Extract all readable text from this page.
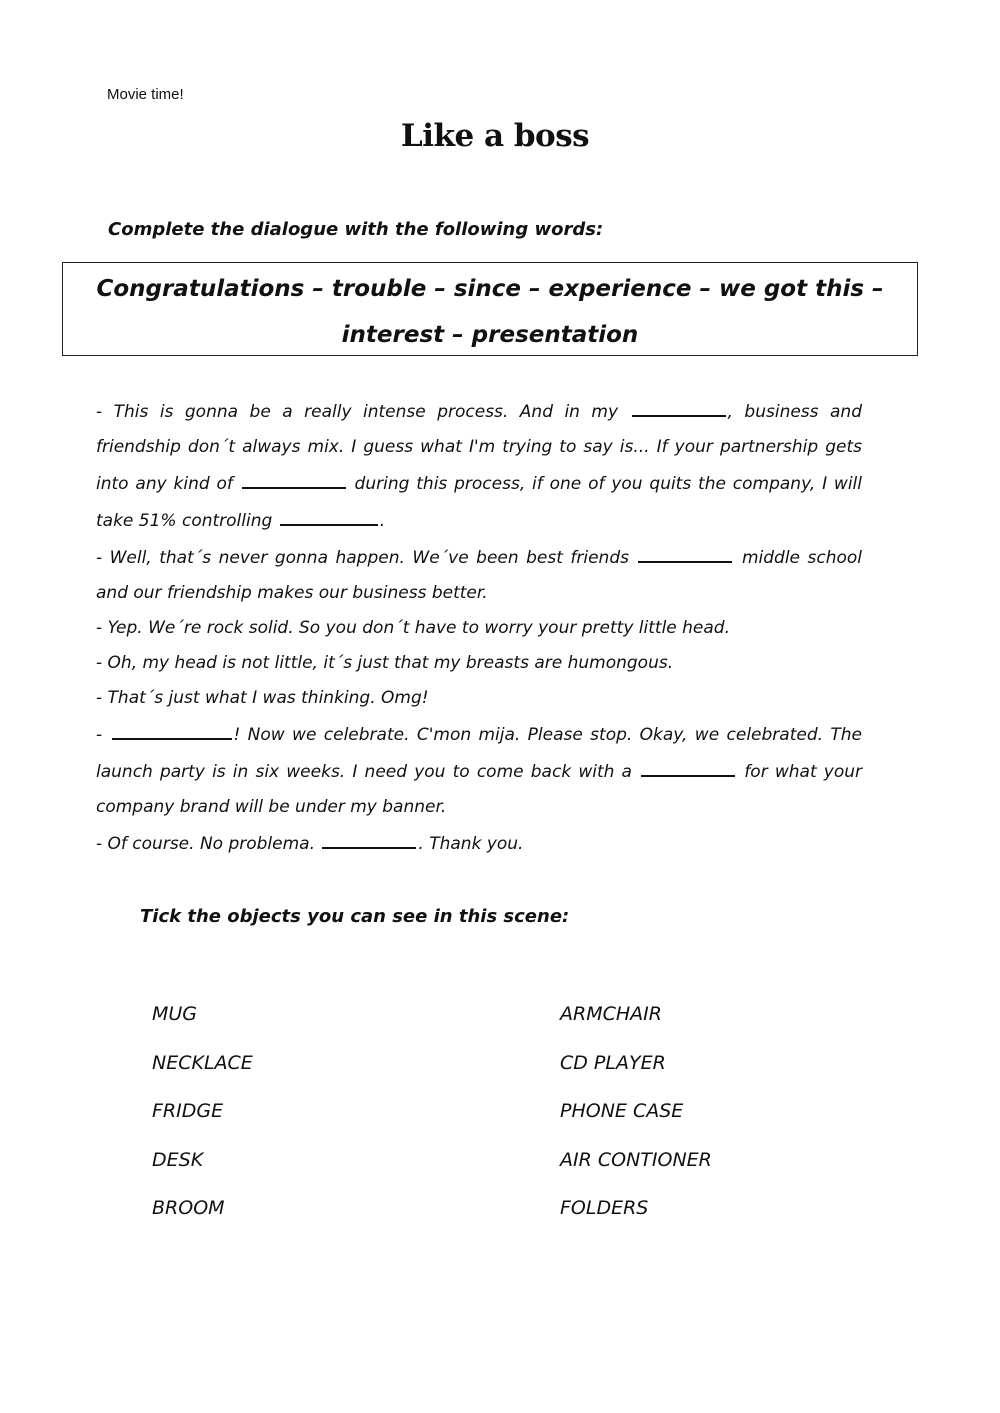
Movie time!
Like a boss
Complete the dialogue with the following words:
Congratulations – trouble – since – experience – we got this –
interest – presentation

- This is gonna be a really intense process. And in my	, business and friendship don´t always mix. I guess what I'm trying to say is... If your partnership gets into any kind of	during this process, if one of you quits the company, I will take 51% controlling	.

- Well, that´s never gonna happen. We´ve been best friends	middle school and our friendship makes our business better.

- Yep. We´re rock solid. So you don´t have to worry your pretty little head.

- Oh, my head is not little, it´s just that my breasts are humongous.

- That´s just what I was thinking. Omg!

-	! Now we celebrate. C'mon mija. Please stop. Okay, we celebrated. The launch party is in six weeks. I need you to come back with a	for what your company brand will be under my banner.

- Of course. No problema.	. Thank you.

Tick the objects you can see in this scene:
MUG
NECKLACE
FRIDGE
DESK
BROOM
ARMCHAIR
CD PLAYER
PHONE CASE
AIR CONTIONER
FOLDERS
